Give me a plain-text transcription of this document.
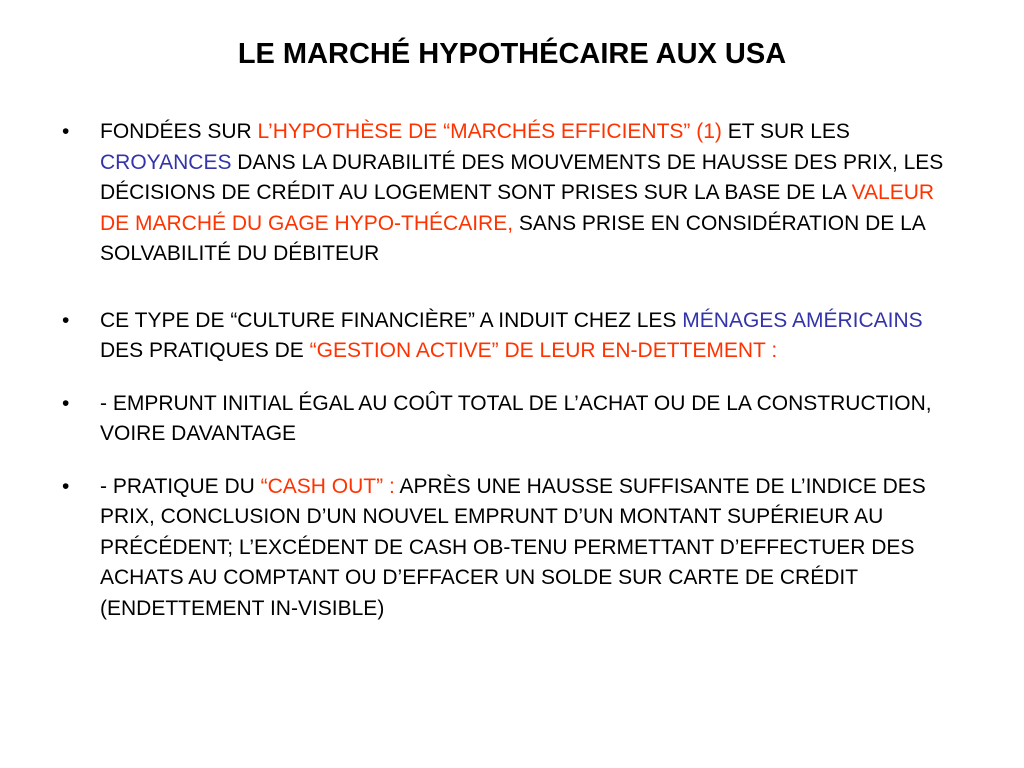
LE MARCHÉ HYPOTHÉCAIRE AUX USA
•	FONDÉES SUR L’HYPOTHÈSE DE “MARCHÉS EFFICIENTS” (1) ET SUR LES CROYANCES DANS LA DURABILITÉ DES MOUVEMENTS DE HAUSSE DES PRIX, LES DÉCISIONS DE CRÉDIT AU LOGEMENT SONT PRISES SUR LA BASE DE LA VALEUR DE MARCHÉ DU GAGE HYPO-THÉCAIRE, SANS PRISE EN CONSIDÉRATION DE LA SOLVABILITÉ DU DÉBITEUR
•	CE TYPE DE “CULTURE FINANCIÈRE” A INDUIT CHEZ LES MÉNAGES AMÉRICAINS DES PRATIQUES DE “GESTION ACTIVE” DE LEUR EN-DETTEMENT :
•	- EMPRUNT INITIAL ÉGAL AU COÛT TOTAL DE L’ACHAT OU DE LA CONSTRUCTION, VOIRE DAVANTAGE
•	- PRATIQUE DU “CASH OUT” : APRÈS UNE HAUSSE SUFFISANTE DE L’INDICE DES PRIX, CONCLUSION D’UN NOUVEL EMPRUNT D’UN MONTANT SUPÉRIEUR AU PRÉCÉDENT; L’EXCÉDENT DE CASH OB-TENU PERMETTANT D’EFFECTUER DES ACHATS AU COMPTANT OU D’EFFACER UN SOLDE SUR CARTE DE CRÉDIT (ENDETTEMENT IN-VISIBLE)
